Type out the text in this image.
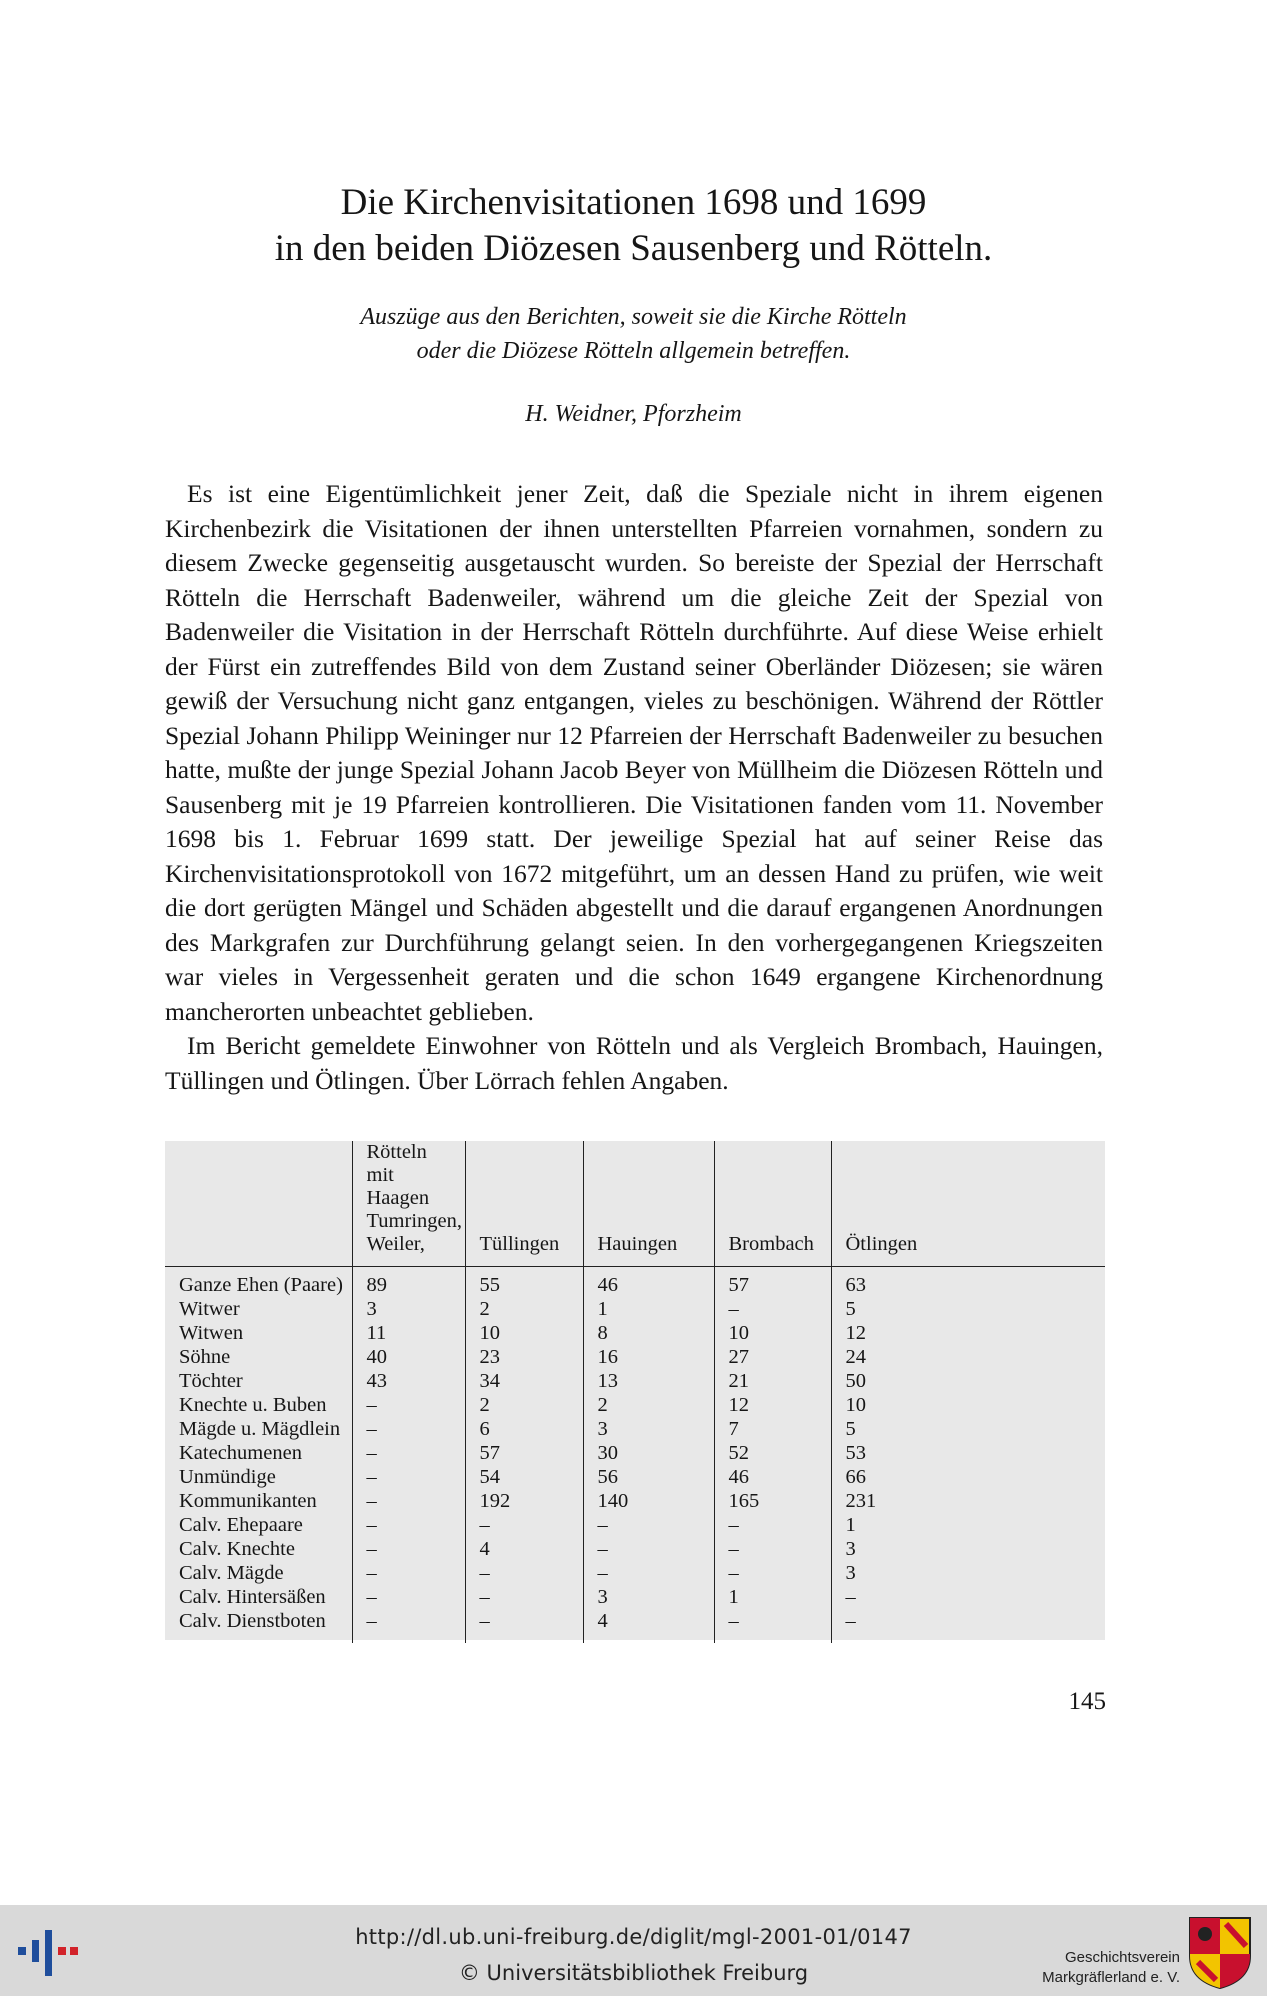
Die Kirchenvisitationen 1698 und 1699
in den beiden Diözesen Sausenberg und Rötteln.
Auszüge aus den Berichten, soweit sie die Kirche Rötteln
oder die Diözese Rötteln allgemein betreffen.
H. Weidner, Pforzheim

Es ist eine Eigentümlichkeit jener Zeit, daß die Speziale nicht in ihrem eigenen Kirchenbezirk die Visitationen der ihnen unterstellten Pfarreien vornahmen, sondern zu diesem Zwecke gegenseitig ausgetauscht wurden. So bereiste der Spezial der Herrschaft Rötteln die Herrschaft Badenweiler, während um die gleiche Zeit der Spezial von Badenweiler die Visitation in der Herrschaft Rötteln durchführte. Auf diese Weise erhielt der Fürst ein zutreffendes Bild von dem Zustand seiner Oberländer Diözesen; sie wären gewiß der Versuchung nicht ganz entgangen, vieles zu beschönigen. Während der Röttler Spezial Johann Philipp Weininger nur 12 Pfarreien der Herrschaft Badenweiler zu besuchen hatte, mußte der junge Spezial Johann Jacob Beyer von Müllheim die Diözesen Rötteln und Sausenberg mit je 19 Pfarreien kontrollieren. Die Visitationen fanden vom 11. November 1698 bis 1. Februar 1699 statt. Der jeweilige Spezial hat auf seiner Reise das Kirchenvisitationsprotokoll von 1672 mitgeführt, um an dessen Hand zu prüfen, wie weit die dort gerügten Mängel und Schäden abgestellt und die darauf ergangenen Anordnungen des Markgrafen zur Durchführung gelangt seien. In den vorhergegangenen Kriegszeiten war vieles in Vergessenheit geraten und die schon 1649 ergangene Kirchenordnung mancherorten unbeachtet geblieben.

Im Bericht gemeldete Einwohner von Rötteln und als Vergleich Brombach, Hauingen, Tüllingen und Ötlingen. Über Lörrach fehlen Angaben.

	Rötteln mit Haagen Tumringen, Weiler,	Tüllingen	Hauingen	Brombach	Ötlingen
Ganze Ehen (Paare)	89	55	46	57	63
Witwer	3	2	1	–	5
Witwen	11	10	8	10	12
Söhne	40	23	16	27	24
Töchter	43	34	13	21	50
Knechte u. Buben	–	2	2	12	10
Mägde u. Mägdlein	–	6	3	7	5
Katechumenen	–	57	30	52	53
Unmündige	–	54	56	46	66
Kommunikanten	–	192	140	165	231
Calv. Ehepaare	–	–	–	–	1
Calv. Knechte	–	4	–	–	3
Calv. Mägde	–	–	–	–	3
Calv. Hintersäßen	–	–	3	1	–
Calv. Dienstboten	–	–	4	–	–
145
http://dl.ub.uni-freiburg.de/diglit/mgl-2001-01/0147
© Universitätsbibliothek Freiburg
Geschichtsverein
Markgräflerland e. V.
